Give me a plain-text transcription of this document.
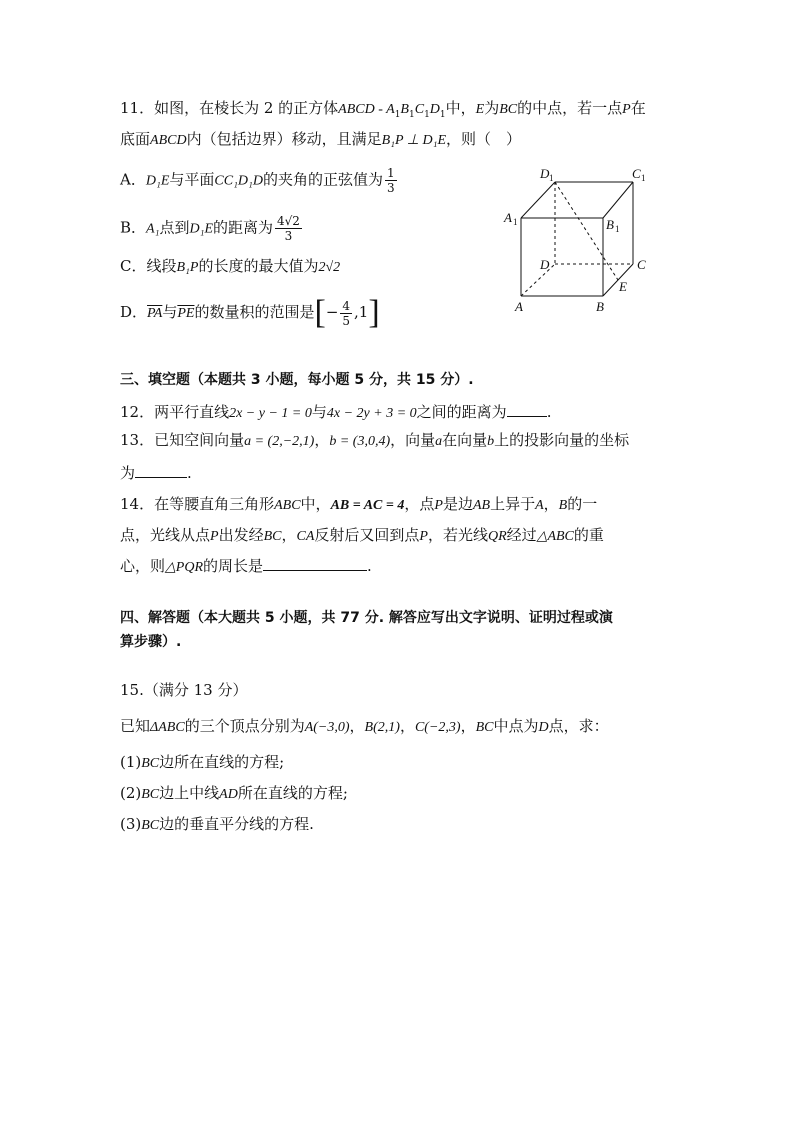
11．如图，在棱长为 2 的正方体ABCD - $A_1B_1C_1D_1$中，E为BC的中点，若一点P在
底面ABCD内（包括边界）移动，且满足B₁P ⊥ D₁E，则（　）
A．D₁E与平面CC₁D₁D的夹角的正弦值为 $\frac{1}{3}$
B．A₁点到D₁E的距离为 $\frac{4√2}{3}$
C．线段B₁P的长度的最大值为2√2
D．$\overline{PA}$与$\overline{PE}$的数量积的范围是[− $\frac{4}{5} ,1$]
D 1	C 1
A 1	B 1
D	C
A	B
E
三、填空题（本题共 3 小题，每小题 5 分，共 15 分）.
12．两平行直线2x − y − 1 = 0与4x − 2y + 3 = 0之间的距离为	.
13．已知空间向量a = (2,−2,1)，b = (3,0,4)，向量a在向量b上的投影向量的坐标
为	.
14．在等腰直角三角形ABC中，AB = AC = 4，点P是边AB上异于A，B的一
点，光线从点P出发经BC，CA反射后又回到点P，若光线QR经过△ABC的重
心，则△PQR的周长是	.
四、解答题（本大题共 5 小题，共 77 分. 解答应写出文字说明、证明过程或演
算步骤）.
15.（满分 13 分）
已知ΔABC的三个顶点分别为A(−3,0)，B(2,1)，C(−2,3)，BC中点为D点，求：
(1)BC边所在直线的方程;
(2)BC边上中线AD所在直线的方程;
(3)BC边的垂直平分线的方程.
